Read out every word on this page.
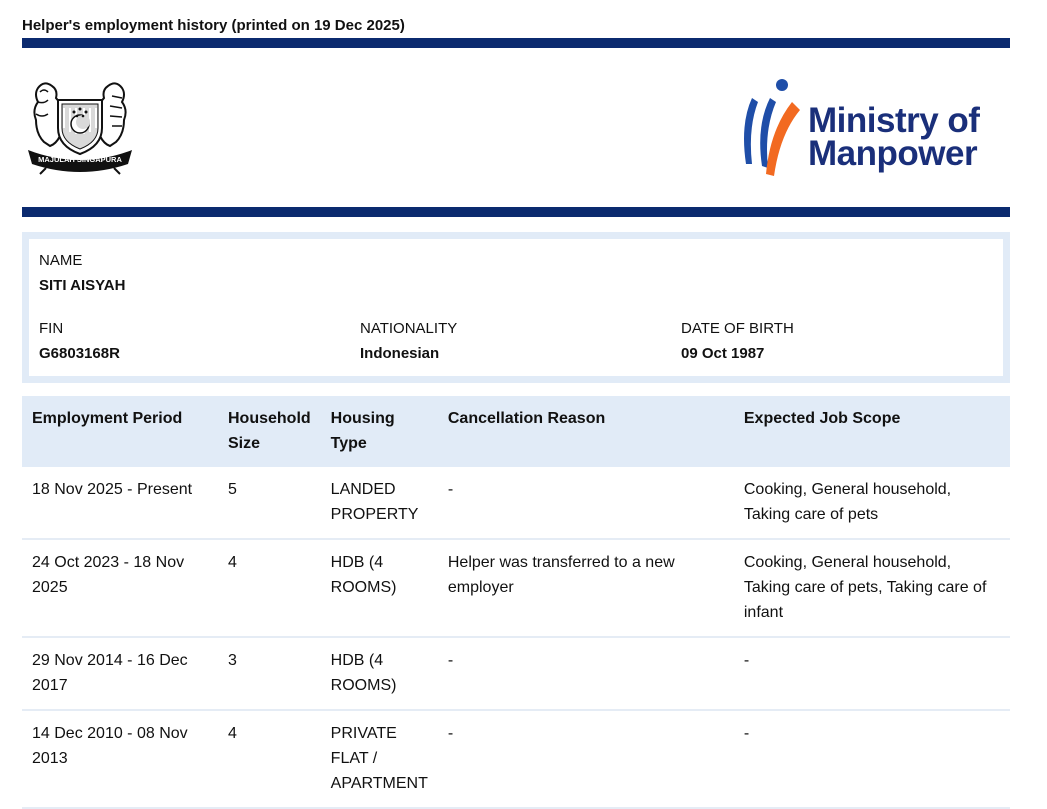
Helper's employment history (printed on 19 Dec 2025)
MAJULAH SINGAPURA
Ministry of
Manpower
NAME
SITI AISYAH
FIN
G6803168R
NATIONALITY
Indonesian
DATE OF BIRTH
09 Oct 1987
Employment Period	Household Size	Housing Type	Cancellation Reason	Expected Job Scope
18 Nov 2025 - Present	5	LANDED PROPERTY	-	Cooking, General household, Taking care of pets
24 Oct 2023 - 18 Nov 2025	4	HDB (4 ROOMS)	Helper was transferred to a new employer	Cooking, General household, Taking care of pets, Taking care of infant
29 Nov 2014 - 16 Dec 2017	3	HDB (4 ROOMS)	-	-
14 Dec 2010 - 08 Nov 2013	4	PRIVATE FLAT / APARTMENT	-	-
